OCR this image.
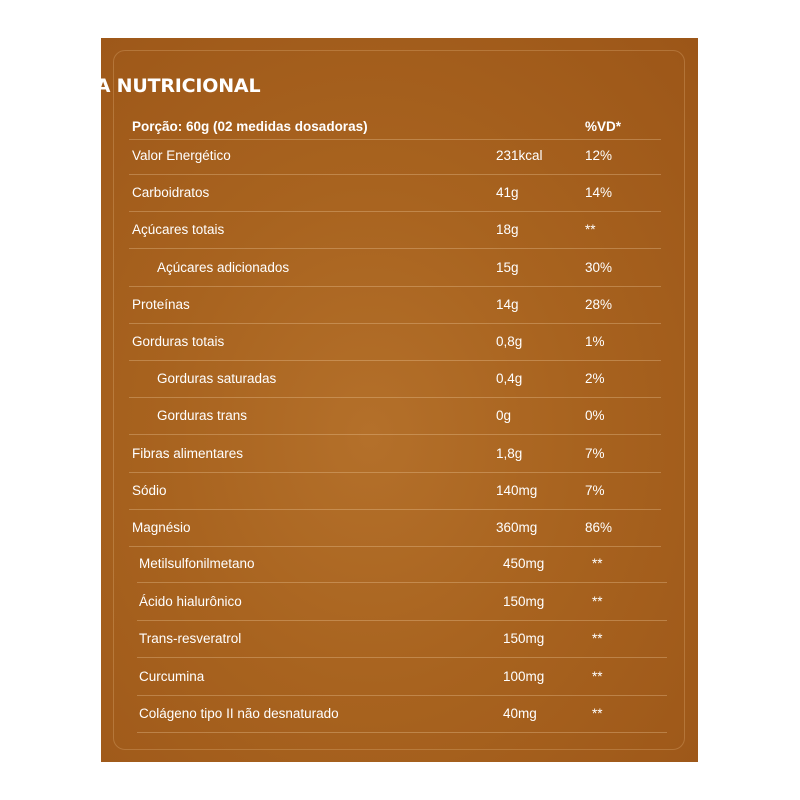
TABELA NUTRICIONAL
Porção: 60g (02 medidas dosadoras)	%VD*
Valor Energético	231kcal	12%
Carboidratos	41g	14%
Açúcares totais	18g	**
Açúcares adicionados	15g	30%
Proteínas	14g	28%
Gorduras totais	0,8g	1%
Gorduras saturadas	0,4g	2%
Gorduras trans	0g	0%
Fibras alimentares	1,8g	7%
Sódio	140mg	7%
Magnésio	360mg	86%
Metilsulfonilmetano	450mg	**
Ácido hialurônico	150mg	**
Trans-resveratrol	150mg	**
Curcumina	100mg	**
Colágeno tipo II não desnaturado	40mg	**
